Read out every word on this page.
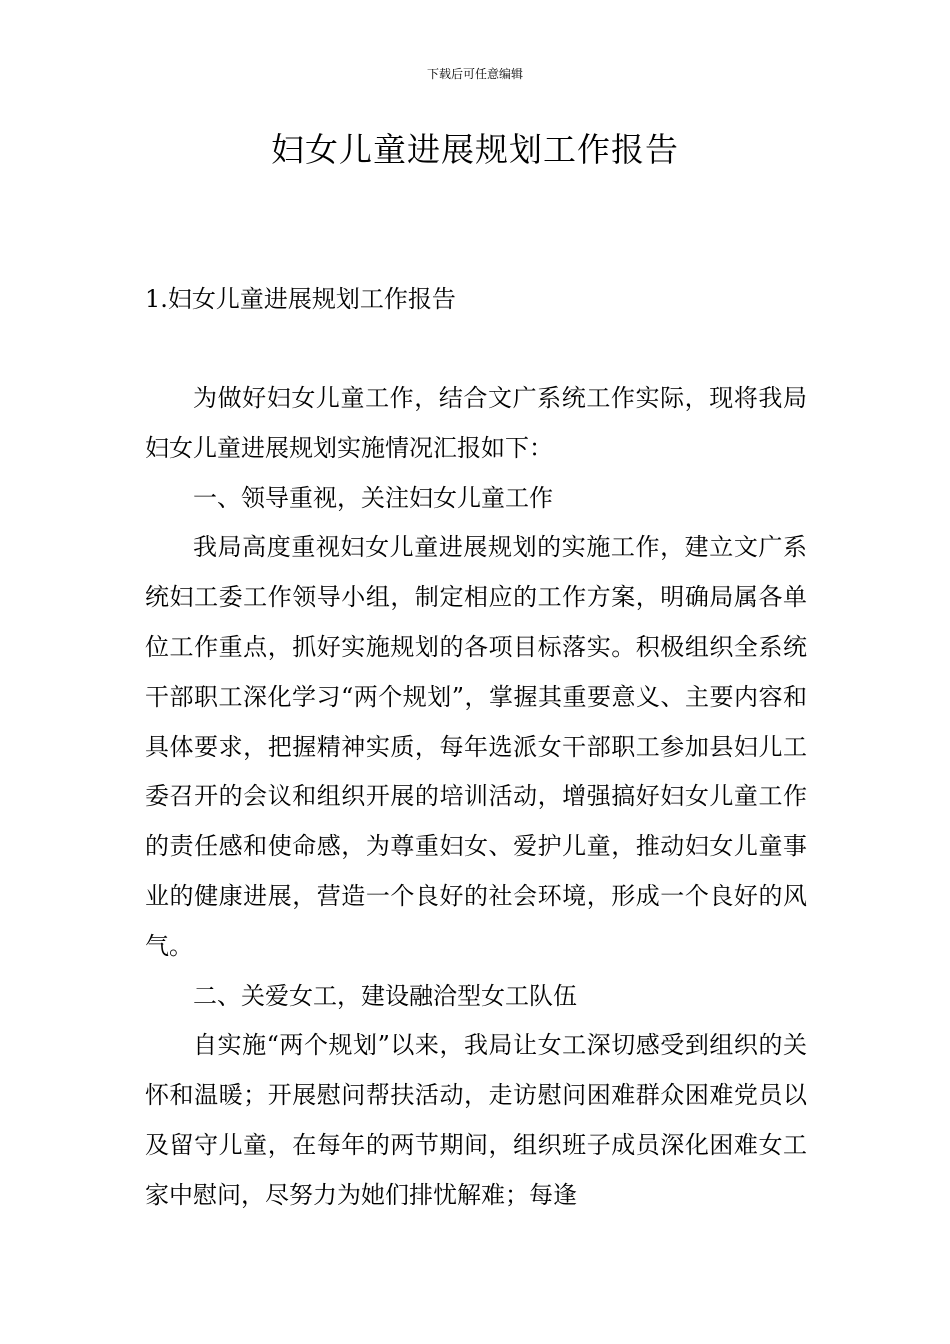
下载后可任意编辑
妇女儿童进展规划工作报告
1.妇女儿童进展规划工作报告

为做好妇女儿童工作，结合文广系统工作实际，现将我局妇女儿童进展规划实施情况汇报如下：

一、领导重视，关注妇女儿童工作

我局高度重视妇女儿童进展规划的实施工作，建立文广系统妇工委工作领导小组，制定相应的工作方案，明确局属各单位工作重点，抓好实施规划的各项目标落实。积极组织全系统干部职工深化学习“两个规划”，掌握其重要意义、主要内容和具体要求，把握精神实质，每年选派女干部职工参加县妇儿工委召开的会议和组织开展的培训活动，增强搞好妇女儿童工作的责任感和使命感，为尊重妇女、爱护儿童，推动妇女儿童事业的健康进展，营造一个良好的社会环境，形成一个良好的风气。

二、关爱女工，建设融洽型女工队伍

自实施“两个规划”以来，我局让女工深切感受到组织的关怀和温暖；开展慰问帮扶活动，走访慰问困难群众困难党员以及留守儿童，在每年的两节期间，组织班子成员深化困难女工家中慰问，尽努力为她们排忧解难；每逢
